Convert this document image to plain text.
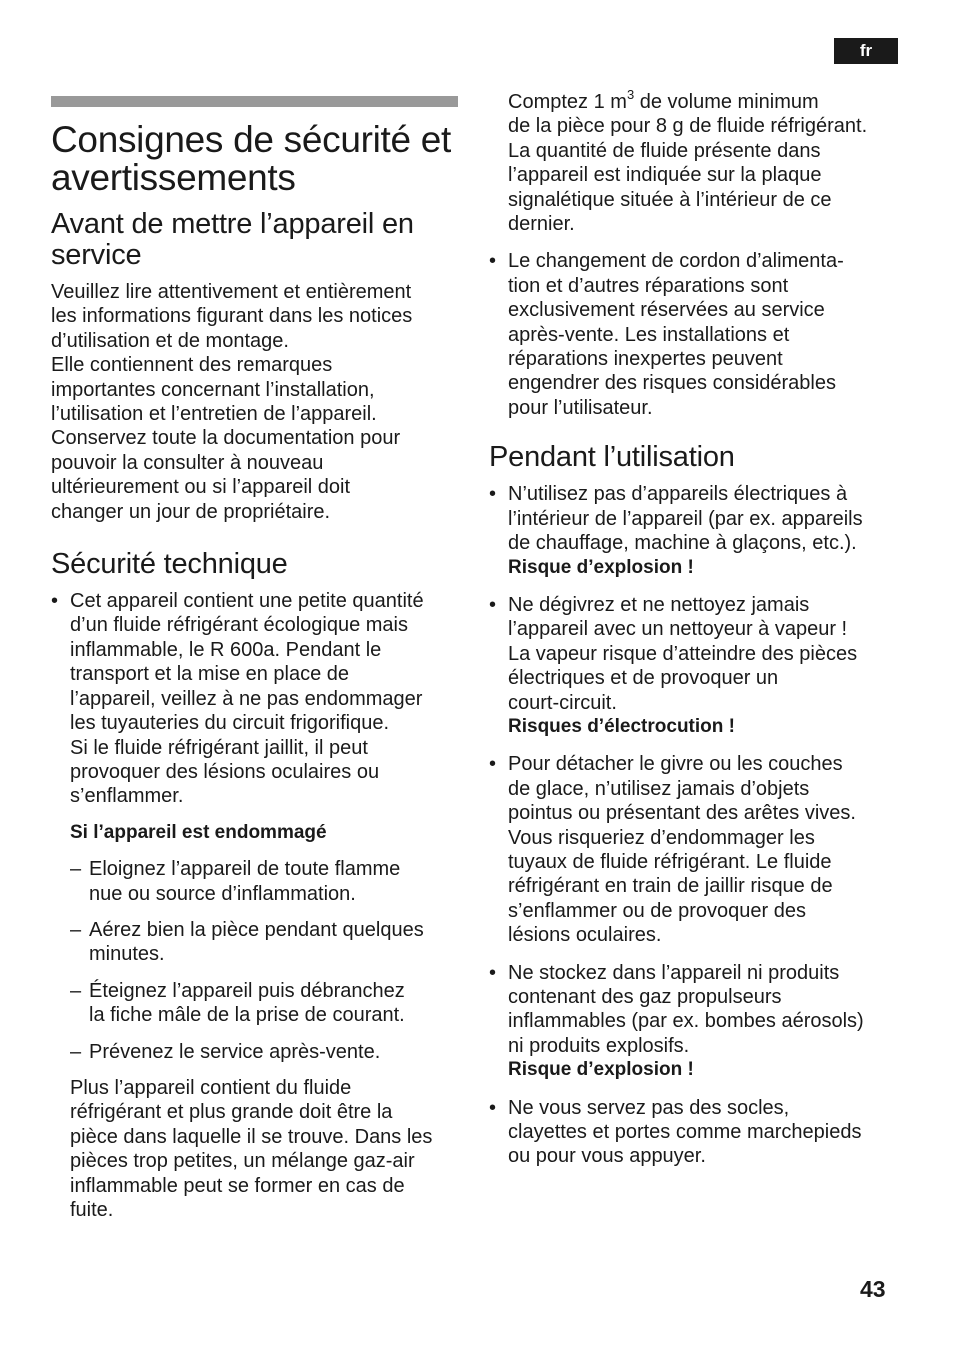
fr
Consignes de sécurité et avertissements
Avant de mettre l’appareil en service
Veuillez lire attentivement et entièrement
les informations figurant dans les notices
d’utilisation et de montage.
Elle contiennent des remarques
importantes concernant l’installation,
l’utilisation et l’entretien de l’appareil.
Conservez toute la documentation pour
pouvoir la consulter à nouveau
ultérieurement ou si l’appareil doit
changer un jour de propriétaire.
Sécurité technique
• Cet appareil contient une petite quantité
d’un fluide réfrigérant écologique mais
inflammable, le R 600a. Pendant le
transport et la mise en place de
l’appareil, veillez à ne pas endommager
les tuyauteries du circuit frigorifique.
Si le fluide réfrigérant jaillit, il peut
provoquer des lésions oculaires ou
s’enflammer.
Si l’appareil est endommagé
– Eloignez l’appareil de toute flamme
nue ou source d’inflammation.
– Aérez bien la pièce pendant quelques
minutes.
– Éteignez l’appareil puis débranchez
la fiche mâle de la prise de courant.
– Prévenez le service après-vente.
Plus l’appareil contient du fluide
réfrigérant et plus grande doit être la
pièce dans laquelle il se trouve. Dans les
pièces trop petites, un mélange gaz-air
inflammable peut se former en cas de
fuite.
Comptez 1 $m^3$ de volume minimum
de la pièce pour 8 g de fluide réfrigérant.
La quantité de fluide présente dans
l’appareil est indiquée sur la plaque
signalétique située à l’intérieur de ce
dernier.
• Le changement de cordon d’alimenta-
tion et d’autres réparations sont
exclusivement réservées au service
après-vente. Les installations et
réparations inexpertes peuvent
engendrer des risques considérables
pour l’utilisateur.
Pendant l’utilisation
• N’utilisez pas d’appareils électriques à
l’intérieur de l’appareil (par ex. appareils
de chauffage, machine à glaçons, etc.).
Risque d’explosion !
• Ne dégivrez et ne nettoyez jamais
l’appareil avec un nettoyeur à vapeur !
La vapeur risque d’atteindre des pièces
électriques et de provoquer un
court-circuit.
Risques d’électrocution !
• Pour détacher le givre ou les couches
de glace, n’utilisez jamais d’objets
pointus ou présentant des arêtes vives.
Vous risqueriez d’endommager les
tuyaux de fluide réfrigérant. Le fluide
réfrigérant en train de jaillir risque de
s’enflammer ou de provoquer des
lésions oculaires.
• Ne stockez dans l’appareil ni produits
contenant des gaz propulseurs
inflammables (par ex. bombes aérosols)
ni produits explosifs.
Risque d’explosion !
• Ne vous servez pas des socles,
clayettes et portes comme marchepieds
ou pour vous appuyer.
43
